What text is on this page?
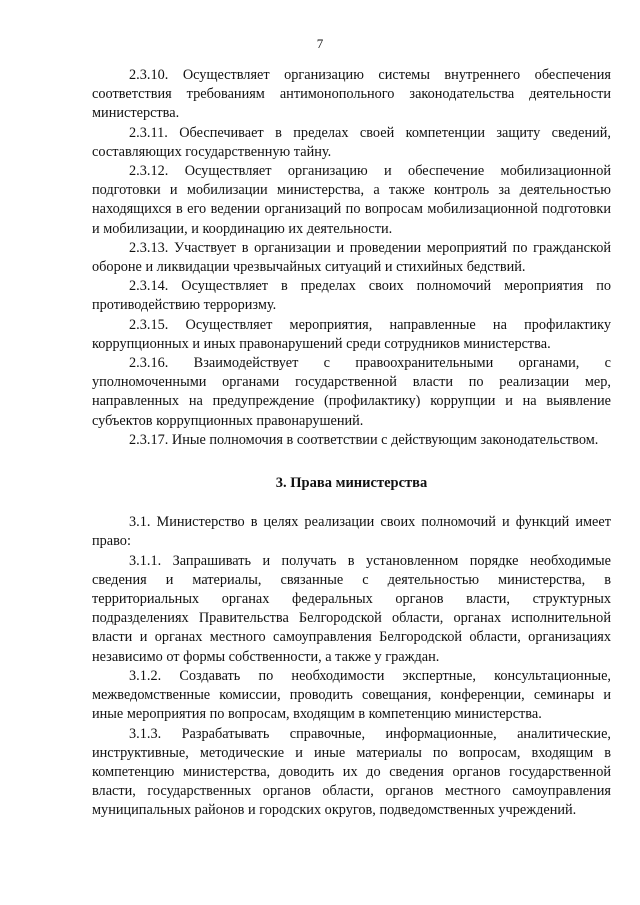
7

2.3.10. Осуществляет организацию системы внутреннего обеспечения соответствия требованиям антимонопольного законодательства деятельности министерства.

2.3.11. Обеспечивает в пределах своей компетенции защиту сведений, составляющих государственную тайну.

2.3.12. Осуществляет организацию и обеспечение мобилизационной подготовки и мобилизации министерства, а также контроль за деятельностью находящихся в его ведении организаций по вопросам мобилизационной подготовки и мобилизации, и координацию их деятельности.

2.3.13. Участвует в организации и проведении мероприятий по гражданской обороне и ликвидации чрезвычайных ситуаций и стихийных бедствий.

2.3.14. Осуществляет в пределах своих полномочий мероприятия по противодействию терроризму.

2.3.15. Осуществляет мероприятия, направленные на профилактику коррупционных и иных правонарушений среди сотрудников министерства.

2.3.16. Взаимодействует с правоохранительными органами, с уполномоченными органами государственной власти по реализации мер, направленных на предупреждение (профилактику) коррупции и на выявление субъектов коррупционных правонарушений.

2.3.17. Иные полномочия в соответствии с действующим законодательством.

3. Права министерства

3.1. Министерство в целях реализации своих полномочий и функций имеет право:

3.1.1. Запрашивать и получать в установленном порядке необходимые сведения и материалы, связанные с деятельностью министерства, в территориальных органах федеральных органов власти, структурных подразделениях Правительства Белгородской области, органах исполнительной власти и органах местного самоуправления Белгородской области, организациях независимо от формы собственности, а также у граждан.

3.1.2. Создавать по необходимости экспертные, консультационные, межведомственные комиссии, проводить совещания, конференции, семинары и иные мероприятия по вопросам, входящим в компетенцию министерства.

3.1.3. Разрабатывать справочные, информационные, аналитические, инструктивные, методические и иные материалы по вопросам, входящим в компетенцию министерства, доводить их до сведения органов государственной власти, государственных органов области, органов местного самоуправления муниципальных районов и городских округов, подведомственных учреждений.
